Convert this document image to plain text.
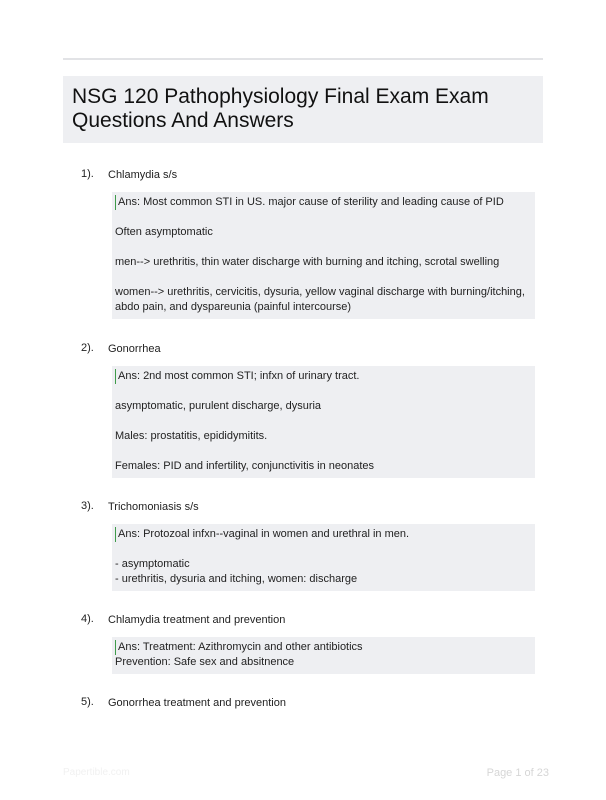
NSG 120 Pathophysiology Final Exam Exam Questions And Answers
1). Chlamydia s/s

Ans: Most common STI in US. major cause of sterility and leading cause of PID

Often asymptomatic

men--> urethritis, thin water discharge with burning and itching, scrotal swelling

women--> urethritis, cervicitis, dysuria, yellow vaginal discharge with burning/itching, abdo pain, and dyspareunia (painful intercourse)

2). Gonorrhea

Ans: 2nd most common STI; infxn of urinary tract.

asymptomatic, purulent discharge, dysuria

Males: prostatitis, epididymitits.

Females: PID and infertility, conjunctivitis in neonates

3). Trichomoniasis s/s

Ans: Protozoal infxn--vaginal in women and urethral in men.

- asymptomatic

- urethritis, dysuria and itching, women: discharge

4). Chlamydia treatment and prevention

Ans: Treatment: Azithromycin and other antibiotics

Prevention: Safe sex and absitnence

5). Gonorrhea treatment and prevention
Papertible.com	Page 1 of 23
